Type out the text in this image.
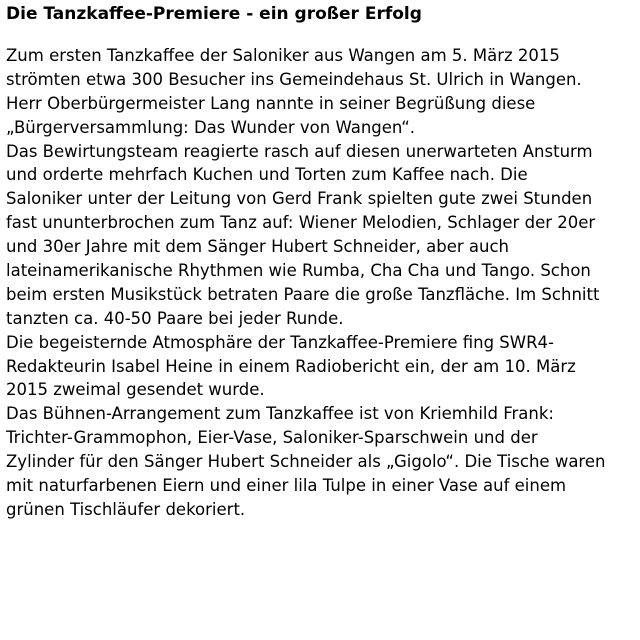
Die Tanzkaffee-Premiere - ein großer Erfolg
Zum ersten Tanzkaffee der Saloniker aus Wangen am 5. März 2015
strömten etwa 300 Besucher ins Gemeindehaus St. Ulrich in Wangen.
Herr Oberbürgermeister Lang nannte in seiner Begrüßung diese
„Bürgerversammlung: Das Wunder von Wangen“.
Das Bewirtungsteam reagierte rasch auf diesen unerwarteten Ansturm
und orderte mehrfach Kuchen und Torten zum Kaffee nach. Die
Saloniker unter der Leitung von Gerd Frank spielten gute zwei Stunden
fast ununterbrochen zum Tanz auf: Wiener Melodien, Schlager der 20er
und 30er Jahre mit dem Sänger Hubert Schneider, aber auch
lateinamerikanische Rhythmen wie Rumba, Cha Cha und Tango. Schon
beim ersten Musikstück betraten Paare die große Tanzfläche. Im Schnitt
tanzten ca. 40-50 Paare bei jeder Runde.
Die begeisternde Atmosphäre der Tanzkaffee-Premiere fing SWR4-
Redakteurin Isabel Heine in einem Radiobericht ein, der am 10. März
2015 zweimal gesendet wurde.
Das Bühnen-Arrangement zum Tanzkaffee ist von Kriemhild Frank:
Trichter-Grammophon, Eier-Vase, Saloniker-Sparschwein und der
Zylinder für den Sänger Hubert Schneider als „Gigolo“. Die Tische waren
mit naturfarbenen Eiern und einer lila Tulpe in einer Vase auf einem
grünen Tischläufer dekoriert.
